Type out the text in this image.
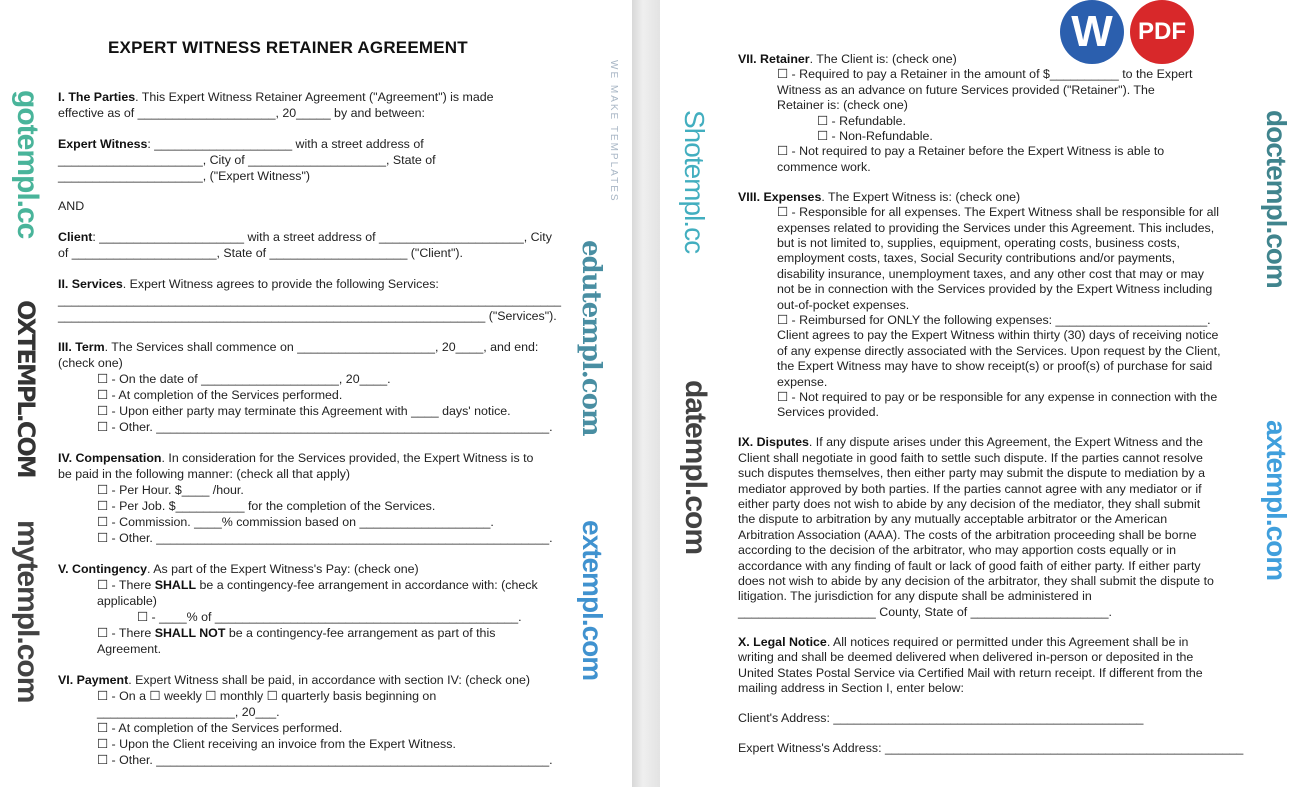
EXPERT WITNESS RETAINER AGREEMENT
I. The Parties. This Expert Witness Retainer Agreement ("Agreement") is made
effective as of ____________________, 20_____ by and between:
Expert Witness: ____________________ with a street address of
_____________________, City of ____________________, State of
_____________________, ("Expert Witness")
AND
Client: _____________________ with a street address of _____________________, City
of _____________________, State of ____________________ ("Client").
II. Services. Expert Witness agrees to provide the following Services:
_________________________________________________________________________
______________________________________________________________ ("Services").
III. Term. The Services shall commence on ____________________, 20____, and end:
(check one)
☐ - On the date of ____________________, 20____.
☐ - At completion of the Services performed.
☐ - Upon either party may terminate this Agreement with ____ days' notice.
☐ - Other. _________________________________________________________.
IV. Compensation. In consideration for the Services provided, the Expert Witness is to
be paid in the following manner: (check all that apply)
☐ - Per Hour. $____ /hour.
☐ - Per Job. $__________ for the completion of the Services.
☐ - Commission. ____% commission based on ___________________.
☐ - Other. _________________________________________________________.
V. Contingency. As part of the Expert Witness's Pay: (check one)
☐ - There SHALL be a contingency-fee arrangement in accordance with: (check
applicable)
☐ - ____% of ____________________________________________.
☐ - There SHALL NOT be a contingency-fee arrangement as part of this
Agreement.
VI. Payment. Expert Witness shall be paid, in accordance with section IV: (check one)
☐ - On a ☐ weekly ☐ monthly ☐ quarterly basis beginning on
____________________, 20___.
☐ - At completion of the Services performed.
☐ - Upon the Client receiving an invoice from the Expert Witness.
☐ - Other. _________________________________________________________.
VII. Retainer. The Client is: (check one)
☐ - Required to pay a Retainer in the amount of $__________ to the Expert
Witness as an advance on future Services provided ("Retainer"). The
Retainer is: (check one)
☐ - Refundable.
☐ - Non-Refundable.
☐ - Not required to pay a Retainer before the Expert Witness is able to
commence work.
VIII. Expenses. The Expert Witness is: (check one)
☐ - Responsible for all expenses. The Expert Witness shall be responsible for all
expenses related to providing the Services under this Agreement. This includes,
but is not limited to, supplies, equipment, operating costs, business costs,
employment costs, taxes, Social Security contributions and/or payments,
disability insurance, unemployment taxes, and any other cost that may or may
not be in connection with the Services provided by the Expert Witness including
out-of-pocket expenses.
☐ - Reimbursed for ONLY the following expenses: ______________________.
Client agrees to pay the Expert Witness within thirty (30) days of receiving notice
of any expense directly associated with the Services. Upon request by the Client,
the Expert Witness may have to show receipt(s) or proof(s) of purchase for said
expense.
☐ - Not required to pay or be responsible for any expense in connection with the
Services provided.
IX. Disputes. If any dispute arises under this Agreement, the Expert Witness and the
Client shall negotiate in good faith to settle such dispute. If the parties cannot resolve
such disputes themselves, then either party may submit the dispute to mediation by a
mediator approved by both parties. If the parties cannot agree with any mediator or if
either party does not wish to abide by any decision of the mediator, they shall submit
the dispute to arbitration by any mutually acceptable arbitrator or the American
Arbitration Association (AAA). The costs of the arbitration proceeding shall be borne
according to the decision of the arbitrator, who may apportion costs equally or in
accordance with any finding of fault or lack of good faith of either party. If either party
does not wish to abide by any decision of the arbitrator, they shall submit the dispute to
litigation. The jurisdiction for any dispute shall be administered in
____________________ County, State of ____________________.
X. Legal Notice. All notices required or permitted under this Agreement shall be in
writing and shall be deemed delivered when delivered in-person or deposited in the
United States Postal Service via Certified Mail with return receipt. If different from the
mailing address in Section I, enter below:
Client's Address: _____________________________________________
Expert Witness's Address: ____________________________________________________
gotempl.cc
OXTEMPL.COM
WE MAKE TEMPLATES
mytempl.com
edutempl.com
extempl.com
Shotempl.cc
datempl.com
doctempl.com
axtempl.com
W	PDF
